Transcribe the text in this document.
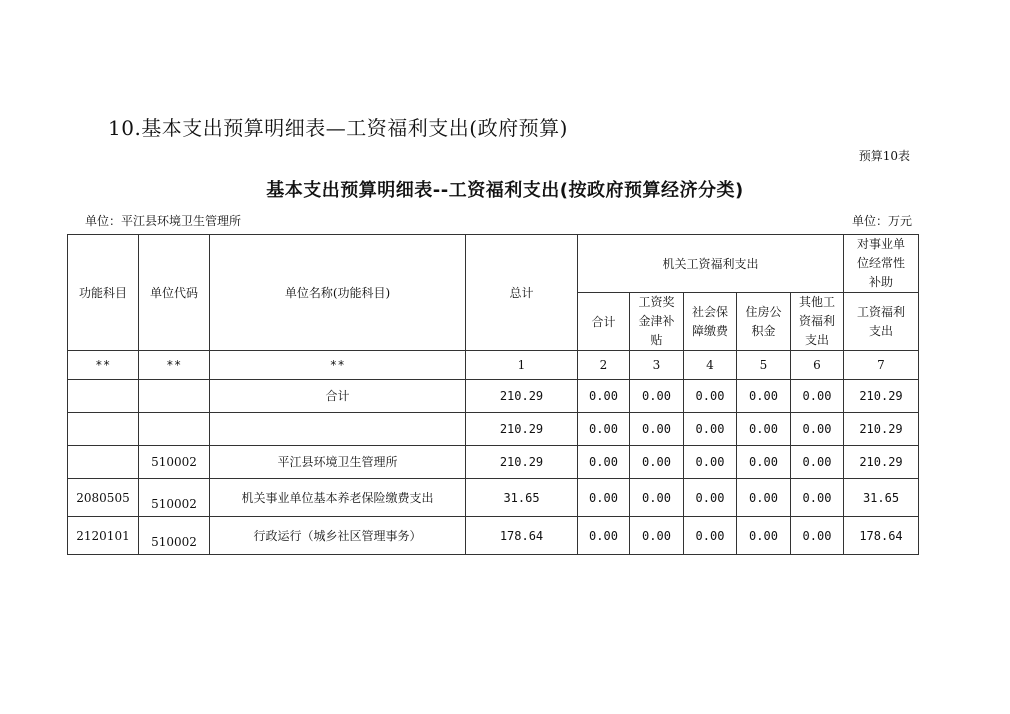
10.基本支出预算明细表—工资福利支出(政府预算)
预算10表
基本支出预算明细表--工资福利支出(按政府预算经济分类)
单位：平江县环境卫生管理所	单位：万元
功能科目	单位代码	单位名称(功能科目)	总计	机关工资福利支出					对事业单位经常性补助
				合计	工资奖金津补贴	社会保障缴费	住房公积金	其他工资福利支出	工资福利支出
**	**	**	1	2	3	4	5	6	7
		合计	210.29	0.00	0.00	0.00	0.00	0.00	210.29
			210.29	0.00	0.00	0.00	0.00	0.00	210.29
	510002	平江县环境卫生管理所	210.29	0.00	0.00	0.00	0.00	0.00	210.29
2080505	510002	机关事业单位基本养老保险缴费支出	31.65	0.00	0.00	0.00	0.00	0.00	31.65
2120101	510002	行政运行（城乡社区管理事务）	178.64	0.00	0.00	0.00	0.00	0.00	178.64
